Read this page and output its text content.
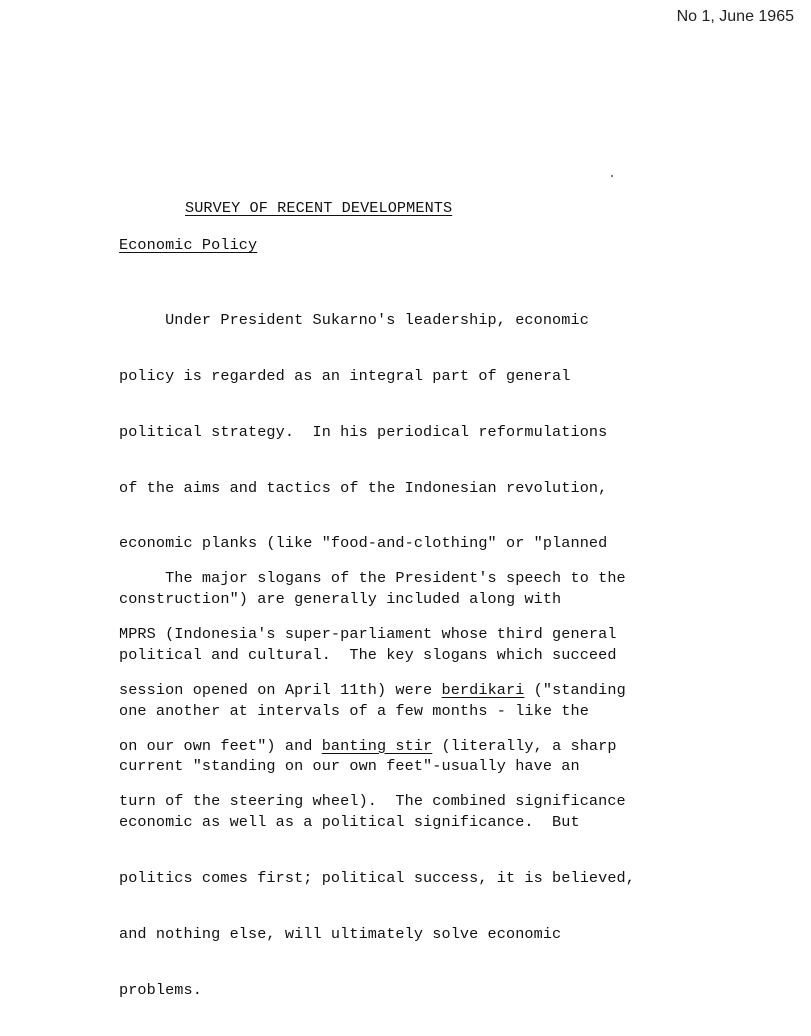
No 1, June 1965
SURVEY OF RECENT DEVELOPMENTS
Economic Policy

Under President Sukarno's leadership, economic

policy is regarded as an integral part of general

political strategy.  In his periodical reformulations

of the aims and tactics of the Indonesian revolution,

economic planks (like "food-and-clothing" or "planned

construction") are generally included along with

political and cultural.  The key slogans which succeed

one another at intervals of a few months - like the

current "standing on our own feet"-usually have an

economic as well as a political significance.  But

politics comes first; political success, it is believed,

and nothing else, will ultimately solve economic

problems.

The major slogans of the President's speech to the

MPRS (Indonesia's super-parliament whose third general

session opened on April 11th) were berdikari ("standing

on our own feet") and banting stir (literally, a sharp

turn of the steering wheel).  The combined significance
